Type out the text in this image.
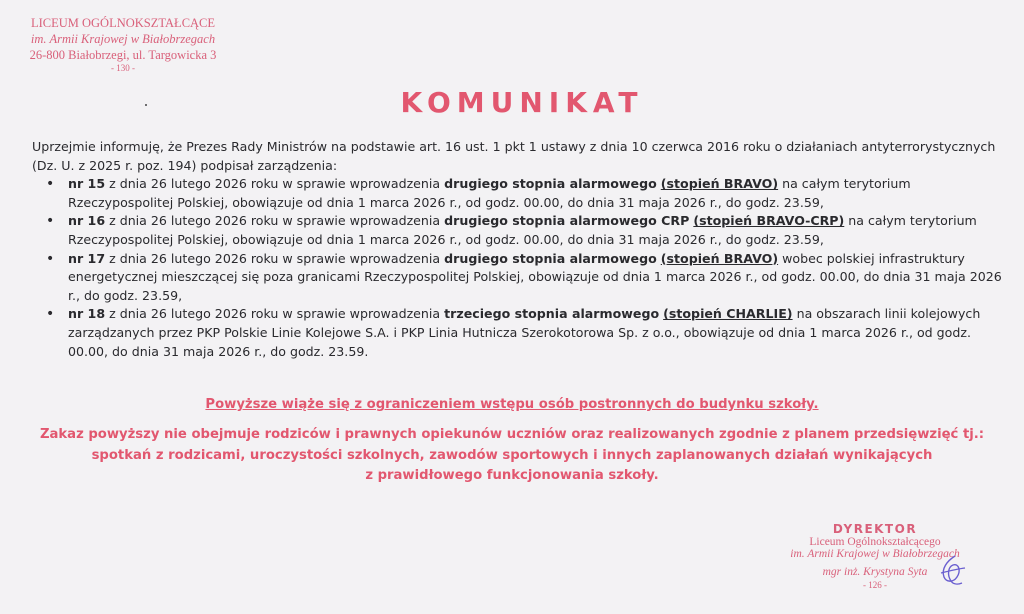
LICEUM OGÓLNOKSZTAŁCĄCE
im. Armii Krajowej w Białobrzegach
26-800 Białobrzegi, ul. Targowicka 3
- 130 -
KOMUNIKAT

Uprzejmie informuję, że Prezes Rady Ministrów na podstawie art. 16 ust. 1 pkt 1 ustawy z dnia 10 czerwca 2016 roku o działaniach antyterrorystycznych (Dz. U. z 2025 r. poz. 194) podpisał zarządzenia:

• nr 15 z dnia 26 lutego 2026 roku w sprawie wprowadzenia drugiego stopnia alarmowego (stopień BRAVO) na całym terytorium Rzeczypospolitej Polskiej, obowiązuje od dnia 1 marca 2026 r., od godz. 00.00, do dnia 31 maja 2026 r., do godz. 23.59,
• nr 16 z dnia 26 lutego 2026 roku w sprawie wprowadzenia drugiego stopnia alarmowego CRP (stopień BRAVO-CRP) na całym terytorium Rzeczypospolitej Polskiej, obowiązuje od dnia 1 marca 2026 r., od godz. 00.00, do dnia 31 maja 2026 r., do godz. 23.59,
• nr 17 z dnia 26 lutego 2026 roku w sprawie wprowadzenia drugiego stopnia alarmowego (stopień BRAVO) wobec polskiej infrastruktury energetycznej mieszczącej się poza granicami Rzeczypospolitej Polskiej, obowiązuje od dnia 1 marca 2026 r., od godz. 00.00, do dnia 31 maja 2026 r., do godz. 23.59,
• nr 18 z dnia 26 lutego 2026 roku w sprawie wprowadzenia trzeciego stopnia alarmowego (stopień CHARLIE) na obszarach linii kolejowych zarządzanych przez PKP Polskie Linie Kolejowe S.A. i PKP Linia Hutnicza Szerokotorowa Sp. z o.o., obowiązuje od dnia 1 marca 2026 r., od godz. 00.00, do dnia 31 maja 2026 r., do godz. 23.59.
Powyższe wiąże się z ograniczeniem wstępu osób postronnych do budynku szkoły.
Zakaz powyższy nie obejmuje rodziców i prawnych opiekunów uczniów oraz realizowanych zgodnie z planem przedsięwzięć tj.:
spotkań z rodzicami, uroczystości szkolnych, zawodów sportowych i innych zaplanowanych działań wynikających
z prawidłowego funkcjonowania szkoły.
DYREKTOR
Liceum Ogólnokształcącego
im. Armii Krajowej w Białobrzegach
mgr inż. Krystyna Syta
- 126 -
